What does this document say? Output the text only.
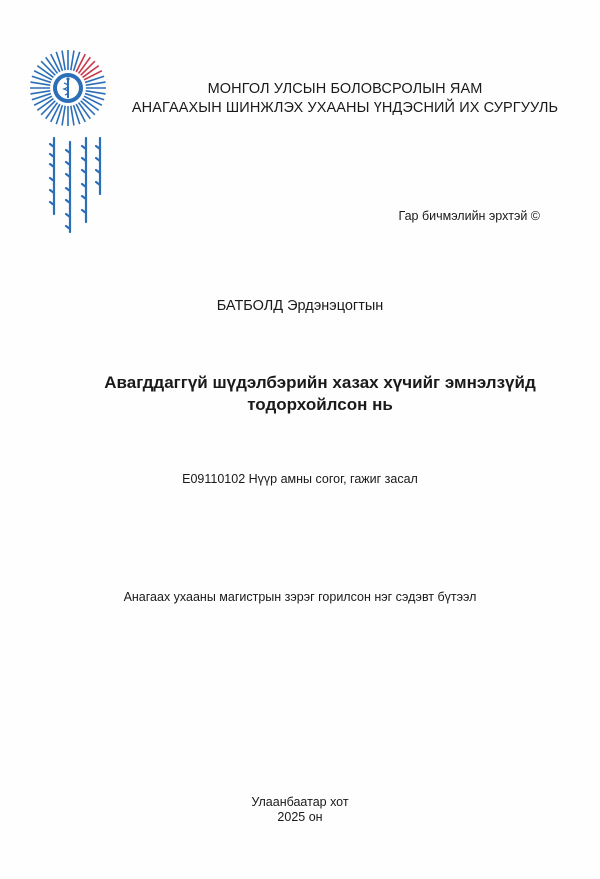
МОНГОЛ УЛСЫН БОЛОВСРОЛЫН ЯАМ
АНАГААХЫН ШИНЖЛЭХ УХААНЫ ҮНДЭСНИЙ ИХ СУРГУУЛЬ
Гар бичмэлийн эрхтэй ©
БАТБОЛД Эрдэнэцогтын
Авагддаггүй шүдэлбэрийн хазах хүчийг эмнэлзүйд
тодорхойлсон нь
E09110102 Нүүр амны согог, гажиг засал
Анагаах ухааны магистрын зэрэг горилсон нэг сэдэвт бүтээл
Улаанбаатар хот
2025 он
